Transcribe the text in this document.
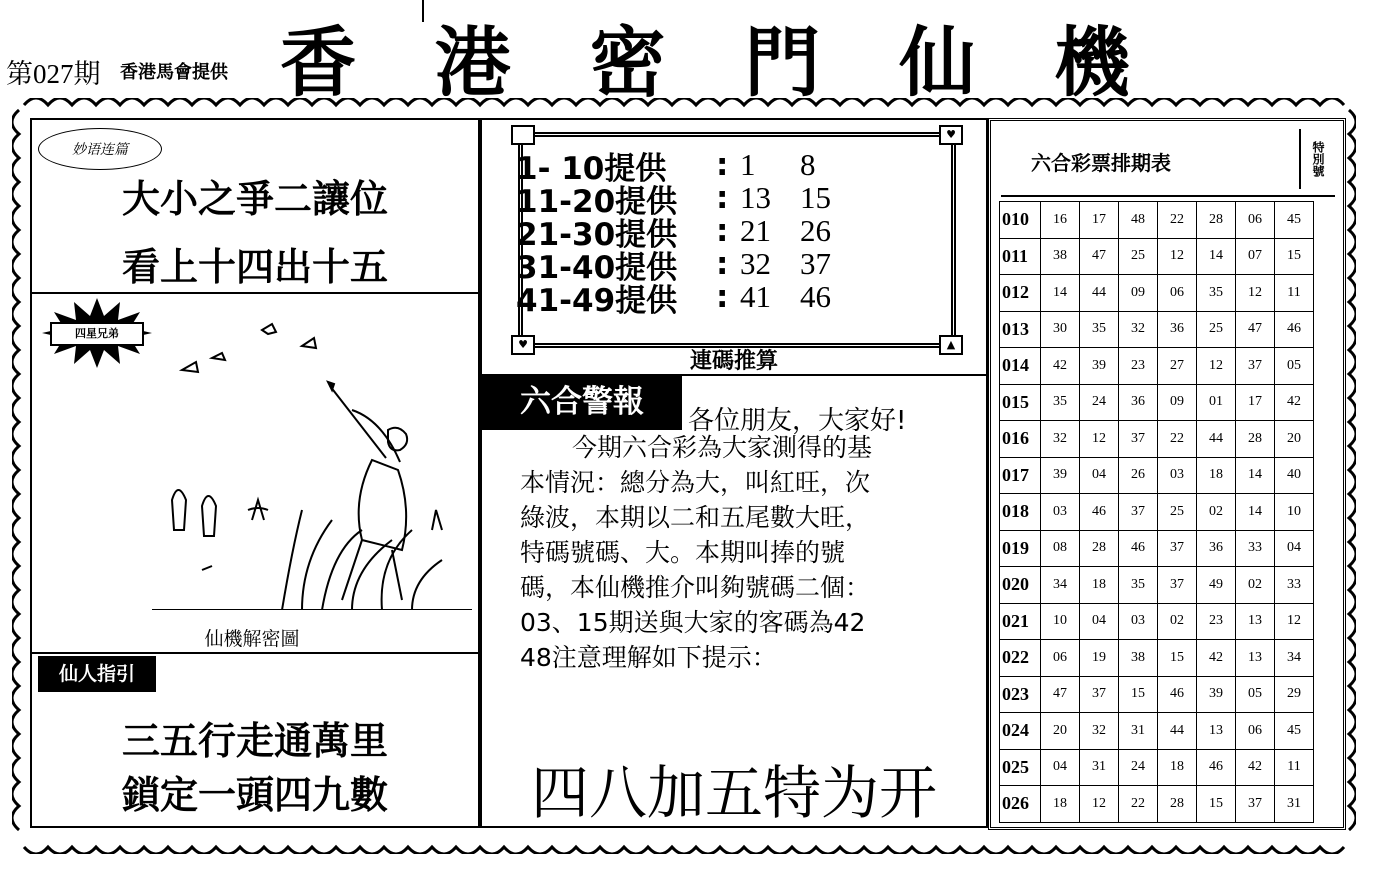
第027期 香港馬會提供 香 港 密 門 仙 機
妙语连篇
大小之爭二讓位
看上十四出十五
四星兄弟
仙機解密圖
仙人指引
三五行走通萬里
鎖定一頭四九數
♥
♥	▲
1- 10提供	: 1	8
11-20提供	: 13 15
21-30提供	: 21 26
31-40提供	: 32 37
41-49提供	: 41 46
連碼推算
六合警報
各位朋友，大家好!
今期六合彩為大家測得的基
本情況：總分為大，叫紅旺，次
綠波，本期以二和五尾數大旺，
特碼號碼、大。本期叫捧的號
碼，本仙機推介叫夠號碼二個：
03、15期送與大家的客碼為42
48注意理解如下提示：
四八加五特为开
六合彩票排期表	特別號
010	16	17	48	22	28	06	45
011	38	47	25	12	14	07	15
012	14	44	09	06	35	12	11
013	30	35	32	36	25	47	46
014	42	39	23	27	12	37	05
015	35	24	36	09	01	17	42
016	32	12	37	22	44	28	20
017	39	04	26	03	18	14	40
018	03	46	37	25	02	14	10
019	08	28	46	37	36	33	04
020	34	18	35	37	49	02	33
021	10	04	03	02	23	13	12
022	06	19	38	15	42	13	34
023	47	37	15	46	39	05	29
024	20	32	31	44	13	06	45
025	04	31	24	18	46	42	11
026	18	12	22	28	15	37	31
